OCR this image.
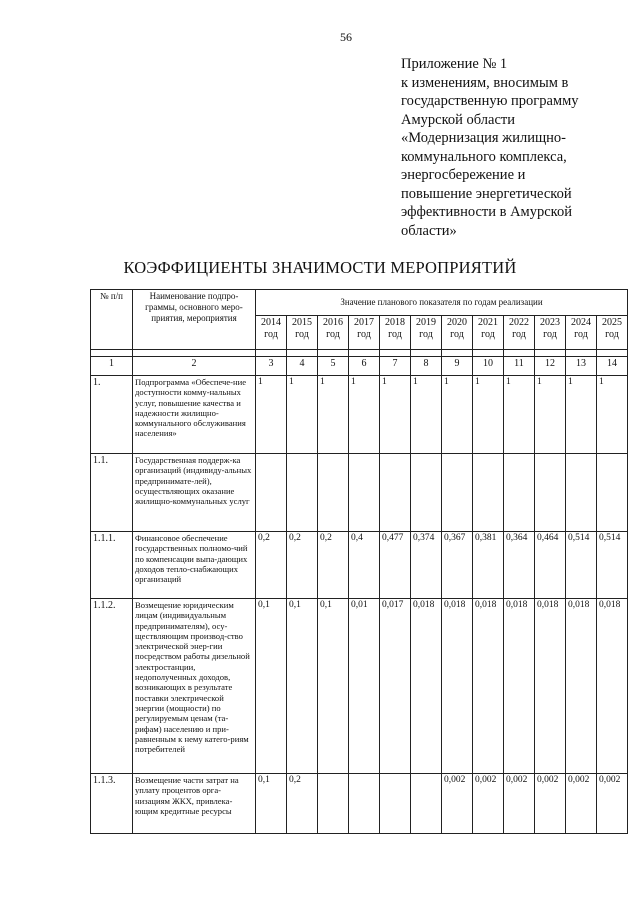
56
Приложение № 1
к изменениям, вносимым в
государственную программу
Амурской области
«Модернизация жилищно-
коммунального комплекса,
энергосбережение и
повышение энергетической
эффективности в Амурской
области»
КОЭФФИЦИЕНТЫ ЗНАЧИМОСТИ МЕРОПРИЯТИЙ
№ п/п	Наименование подпро-граммы, основного меро-приятия, мероприятия	Значение планового показателя по годам реализации											
		2014 год	2015 год	2016 год	2017 год	2018 год	2019 год	2020 год	2021 год	2022 год	2023 год	2024 год	2025 год

1	2	3	4	5	6	7	8	9	10	11	12	13	14
1.	Подпрограмма «Обеспече-ние доступности комму-нальных услуг, повышение качества и надежности жилищно-коммунального обслуживания населения»	1	1	1	1	1	1	1	1	1	1	1	1
1.1.	Государственная поддерж-ка организаций (индивиду-альных предпринимате-лей), осуществляющих оказание жилищно-коммунальных услуг												
1.1.1.	Финансовое обеспечение государственных полномо-чий по компенсации выпа-дающих доходов тепло-снабжающих организаций	0,2	0,2	0,2	0,4	0,477	0,374	0,367	0,381	0,364	0,464	0,514	0,514
1.1.2.	Возмещение юридическим лицам (индивидуальным предпринимателям), осу-ществляющим производ-ство электрической энер-гии посредством работы дизельной электростанции, недополученных доходов, возникающих в результате поставки электрической энергии (мощности) по регулируемым ценам (та-рифам) населению и при-равненным к нему катего-риям потребителей	0,1	0,1	0,1	0,01	0,017	0,018	0,018	0,018	0,018	0,018	0,018	0,018
1.1.3.	Возмещение части затрат на уплату процентов орга-низациям ЖКХ, привлека-ющим кредитные ресурсы	0,1	0,2					0,002	0,002	0,002	0,002	0,002	0,002
